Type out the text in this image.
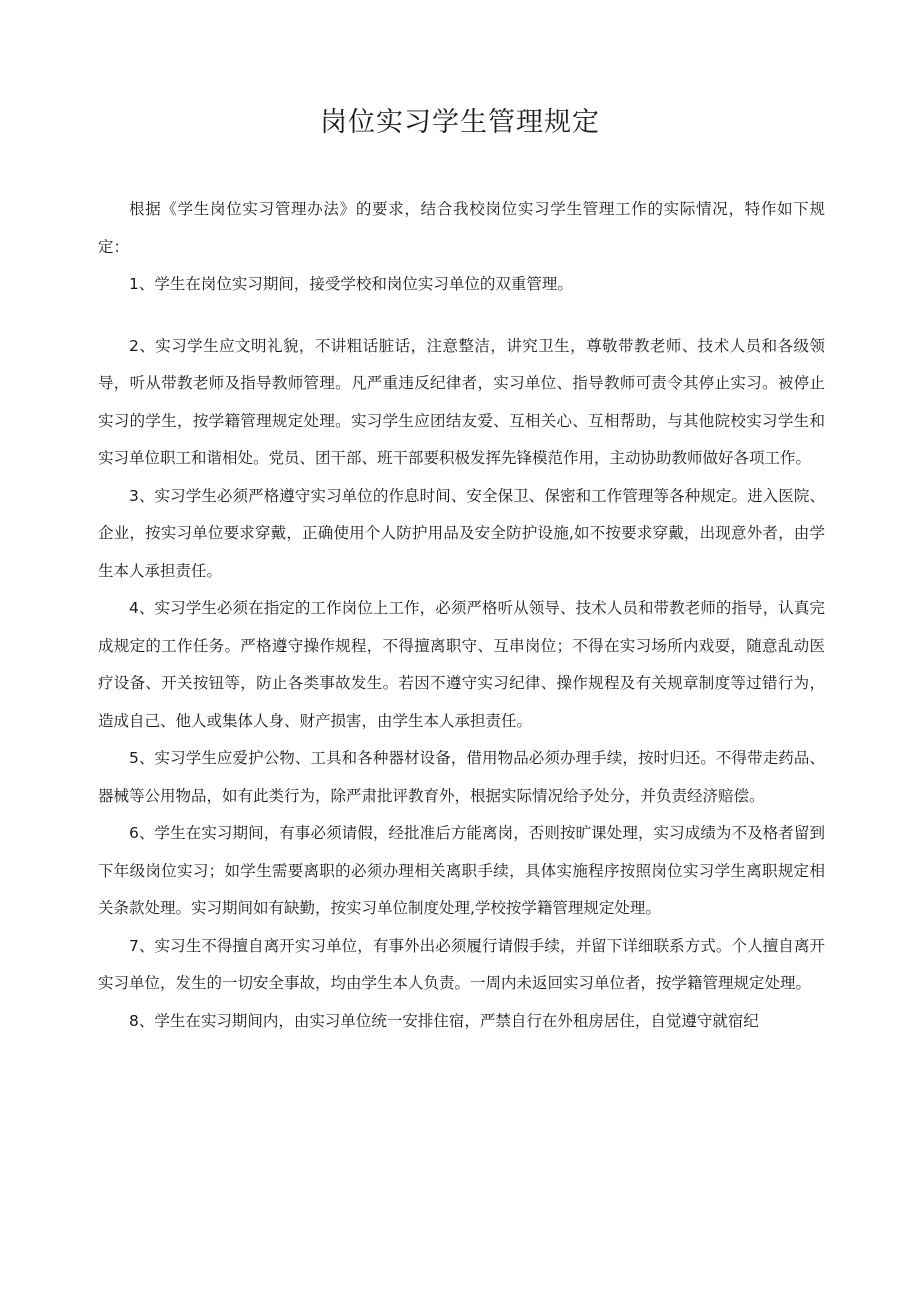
岗位实习学生管理规定

根据《学生岗位实习管理办法》的要求，结合我校岗位实习学生管理工作的实际情况，特作如下规定：

1、学生在岗位实习期间，接受学校和岗位实习单位的双重管理。

2、实习学生应文明礼貌，不讲粗话脏话，注意整洁，讲究卫生，尊敬带教老师、技术人员和各级领导，听从带教老师及指导教师管理。凡严重违反纪律者，实习单位、指导教师可责令其停止实习。被停止实习的学生，按学籍管理规定处理。实习学生应团结友爱、互相关心、互相帮助，与其他院校实习学生和实习单位职工和谐相处。党员、团干部、班干部要积极发挥先锋模范作用，主动协助教师做好各项工作。

3、实习学生必须严格遵守实习单位的作息时间、安全保卫、保密和工作管理等各种规定。进入医院、企业，按实习单位要求穿戴，正确使用个人防护用品及安全防护设施,如不按要求穿戴，出现意外者，由学生本人承担责任。

4、实习学生必须在指定的工作岗位上工作，必须严格听从领导、技术人员和带教老师的指导，认真完成规定的工作任务。严格遵守操作规程，不得擅离职守、互串岗位；不得在实习场所内戏耍，随意乱动医疗设备、开关按钮等，防止各类事故发生。若因不遵守实习纪律、操作规程及有关规章制度等过错行为，造成自己、他人或集体人身、财产损害，由学生本人承担责任。

5、实习学生应爱护公物、工具和各种器材设备，借用物品必须办理手续，按时归还。不得带走药品、器械等公用物品，如有此类行为，除严肃批评教育外，根据实际情况给予处分，并负责经济赔偿。

6、学生在实习期间，有事必须请假，经批准后方能离岗，否则按旷课处理，实习成绩为不及格者留到下年级岗位实习；如学生需要离职的必须办理相关离职手续，具体实施程序按照岗位实习学生离职规定相关条款处理。实习期间如有缺勤，按实习单位制度处理,学校按学籍管理规定处理。

7、实习生不得擅自离开实习单位，有事外出必须履行请假手续，并留下详细联系方式。个人擅自离开实习单位，发生的一切安全事故，均由学生本人负责。一周内未返回实习单位者，按学籍管理规定处理。

8、学生在实习期间内，由实习单位统一安排住宿，严禁自行在外租房居住，自觉遵守就宿纪
